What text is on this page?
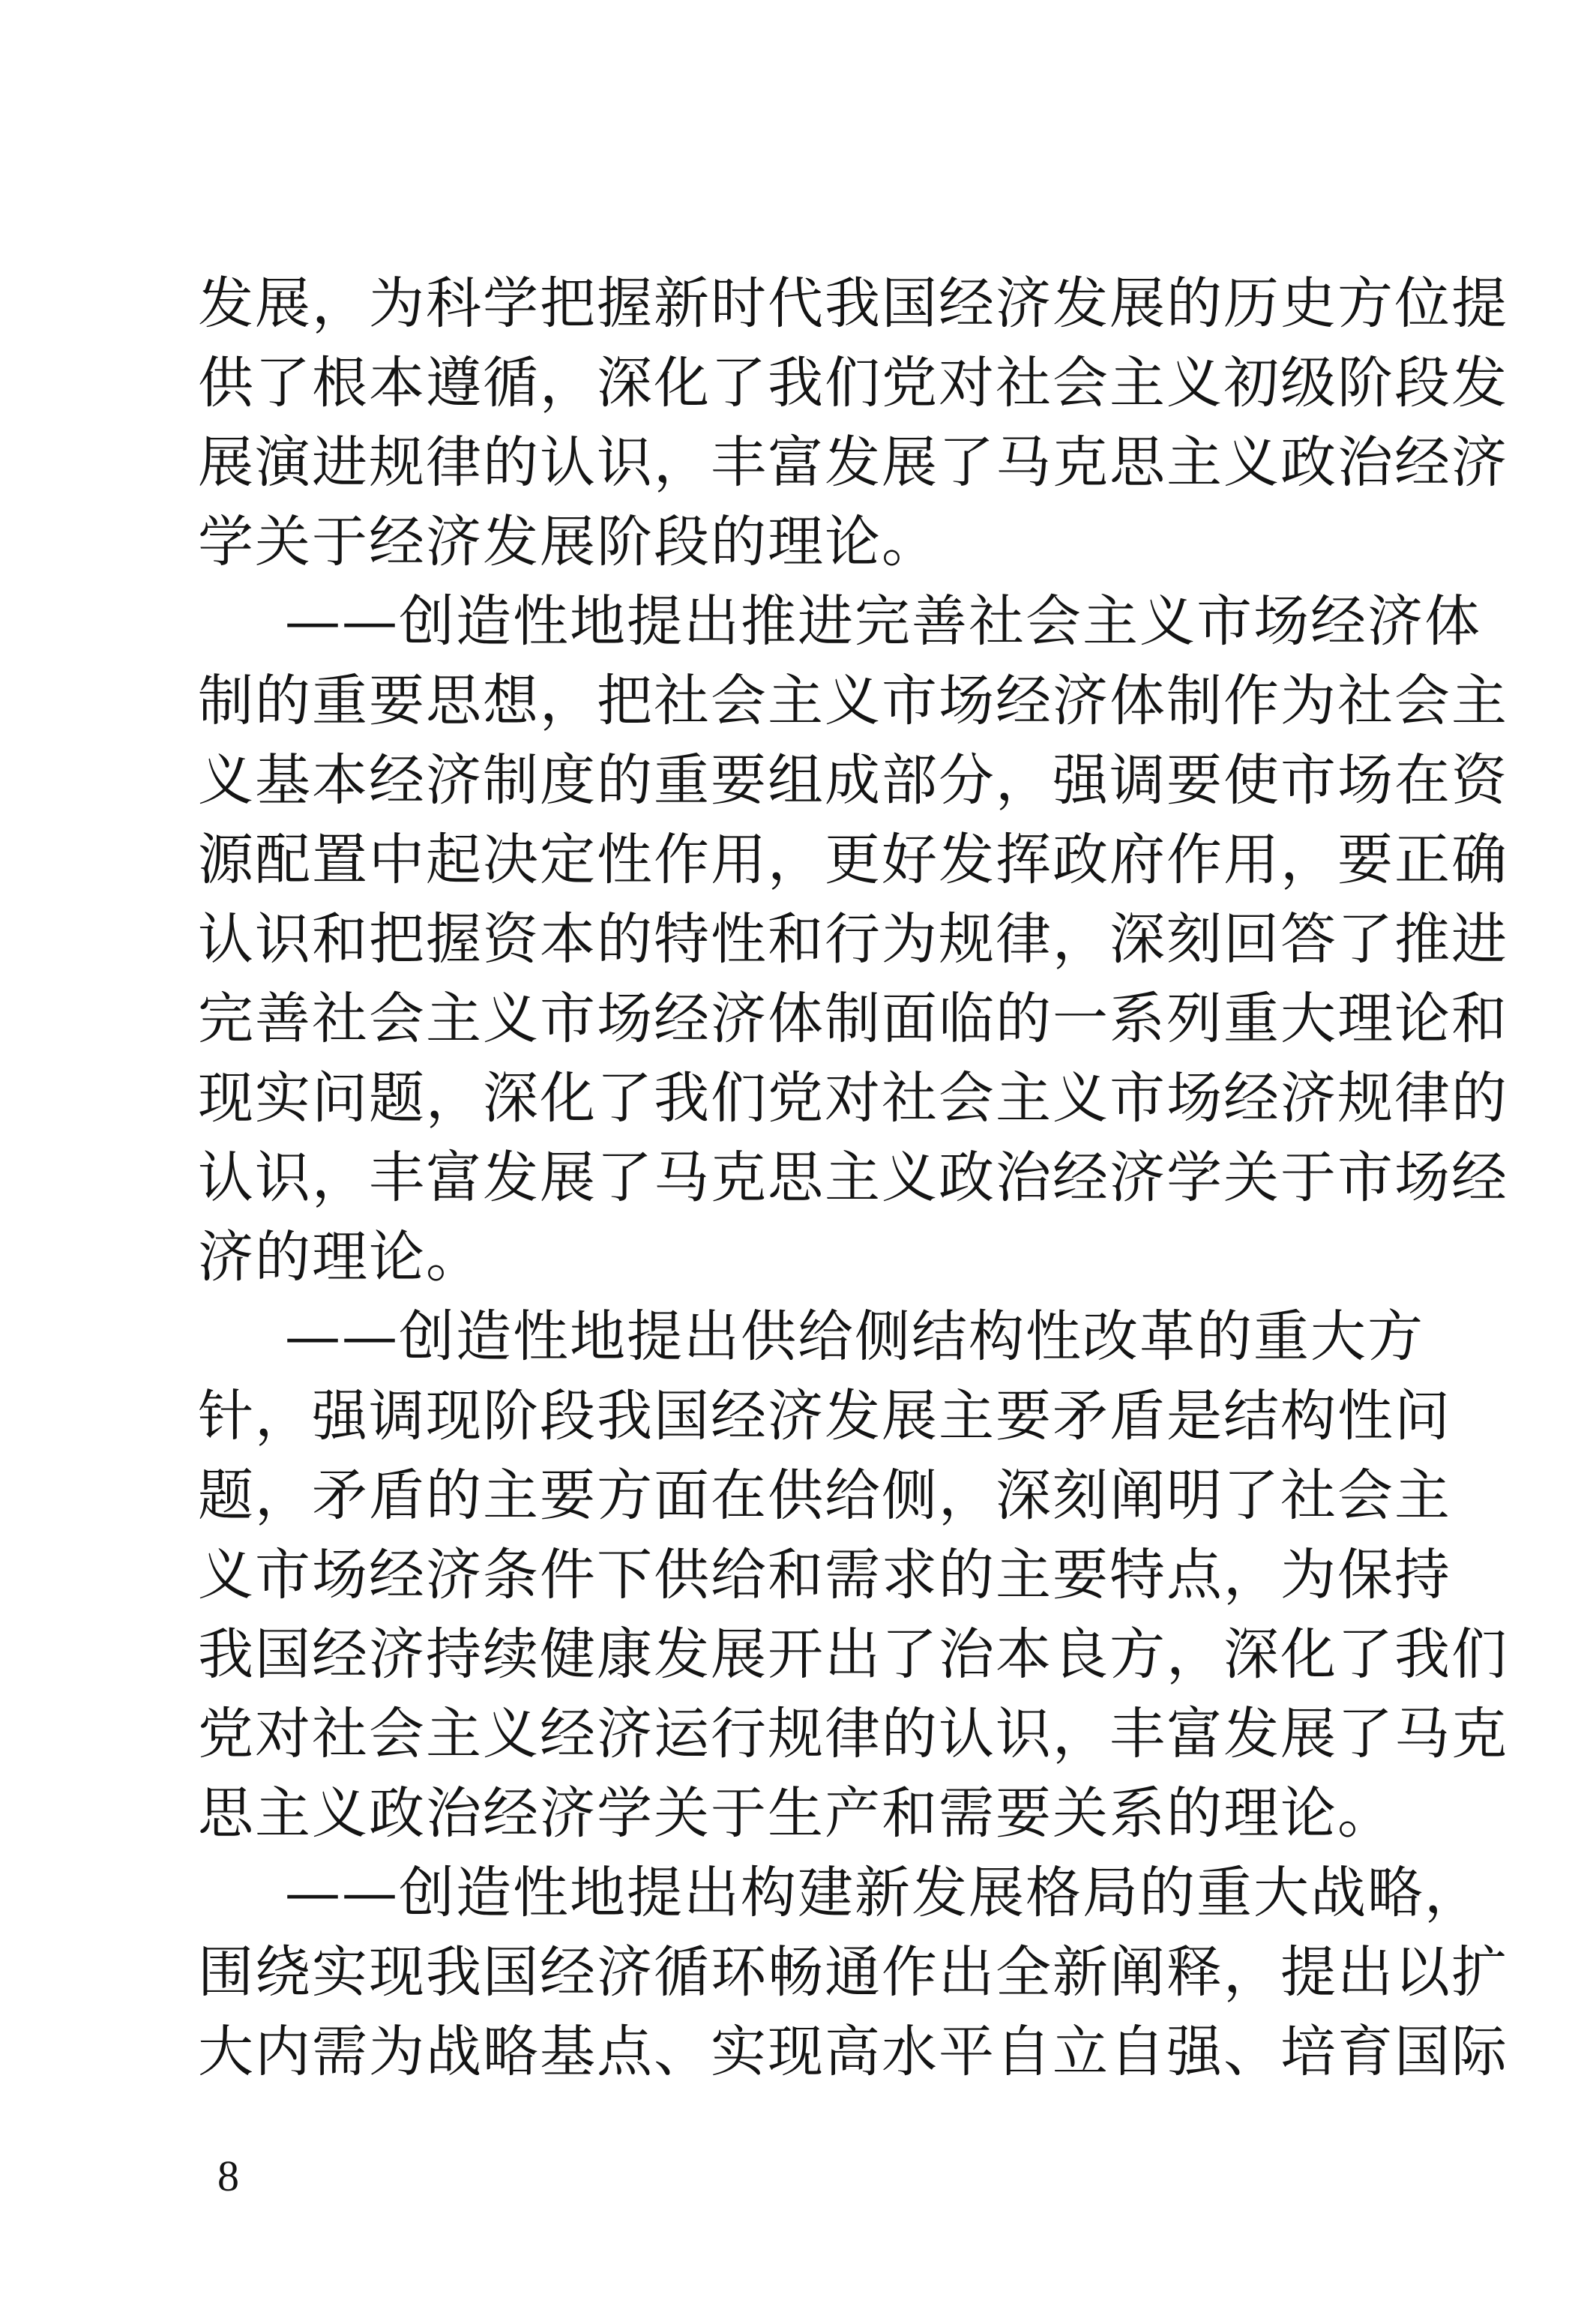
发展，为科学把握新时代我国经济发展的历史方位提
供了根本遵循，深化了我们党对社会主义初级阶段发
展演进规律的认识，丰富发展了马克思主义政治经济
学关于经济发展阶段的理论。
——创造性地提出推进完善社会主义市场经济体
制的重要思想，把社会主义市场经济体制作为社会主
义基本经济制度的重要组成部分，强调要使市场在资
源配置中起决定性作用，更好发挥政府作用，要正确
认识和把握资本的特性和行为规律，深刻回答了推进
完善社会主义市场经济体制面临的一系列重大理论和
现实问题，深化了我们党对社会主义市场经济规律的
认识，丰富发展了马克思主义政治经济学关于市场经
济的理论。
——创造性地提出供给侧结构性改革的重大方
针，强调现阶段我国经济发展主要矛盾是结构性问
题，矛盾的主要方面在供给侧，深刻阐明了社会主
义市场经济条件下供给和需求的主要特点，为保持
我国经济持续健康发展开出了治本良方，深化了我们
党对社会主义经济运行规律的认识，丰富发展了马克
思主义政治经济学关于生产和需要关系的理论。
——创造性地提出构建新发展格局的重大战略，
围绕实现我国经济循环畅通作出全新阐释，提出以扩
大内需为战略基点、实现高水平自立自强、培育国际
8
